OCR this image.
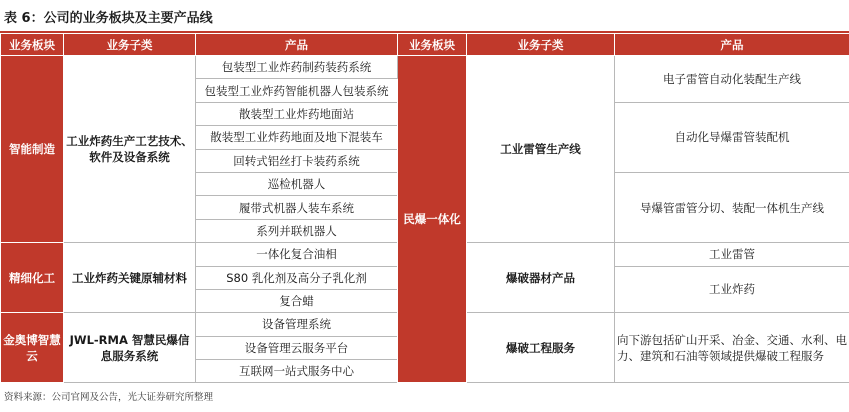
表 6：公司的业务板块及主要产品线
业务板块	业务子类	产品	业务板块	业务子类	产品
智能制造	工业炸药生产工艺技术、软件及设备系统	包装型工业炸药制药装药系统	民爆一体化	工业雷管生产线	电子雷管自动化装配生产线
		包装型工业炸药智能机器人包装系统			
		散装型工业炸药地面站			自动化导爆雷管装配机
		散装型工业炸药地面及地下混装车			
		回转式铝丝打卡装药系统			
		巡检机器人			导爆管雷管分切、装配一体机生产线
		履带式机器人装车系统			
		系列并联机器人			
精细化工	工业炸药关键原辅材料	一体化复合油相		爆破器材产品	工业雷管
		S80 乳化剂及高分子乳化剂			工业炸药
		复合蜡			
金奥博智慧云	JWL-RMA 智慧民爆信息服务系统	设备管理系统		爆破工程服务	向下游包括矿山开采、冶金、交通、水利、电力、建筑和石油等领域提供爆破工程服务
		设备管理云服务平台			
		互联网一站式服务中心			
资料来源：公司官网及公告，光大证券研究所整理
